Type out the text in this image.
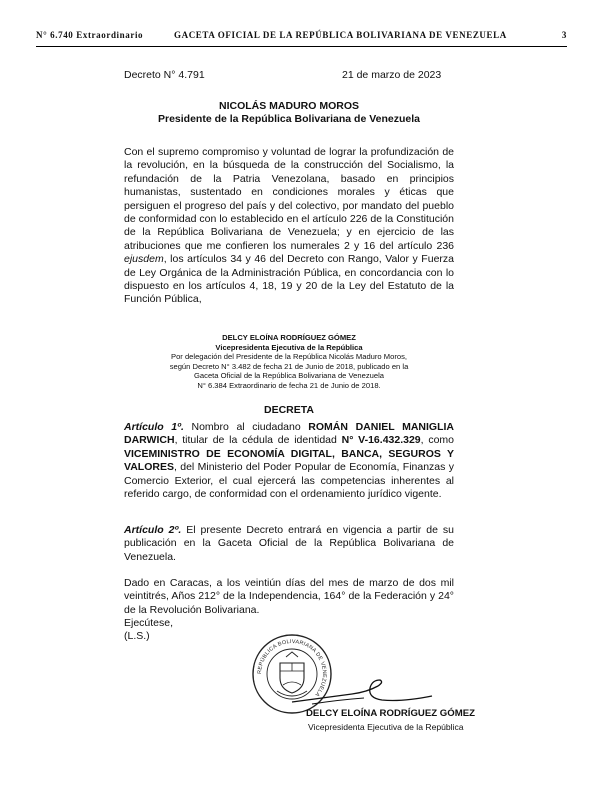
N° 6.740 Extraordinario	GACETA OFICIAL DE LA REPÚBLICA BOLIVARIANA DE VENEZUELA	3
Decreto N° 4.791	21 de marzo de 2023
NICOLÁS MADURO MOROS
Presidente de la República Bolivariana de Venezuela
Con el supremo compromiso y voluntad de lograr la profundización de la revolución, en la búsqueda de la construcción del Socialismo, la refundación de la Patria Venezolana, basado en principios humanistas, sustentado en condiciones morales y éticas que persiguen el progreso del país y del colectivo, por mandato del pueblo de conformidad con lo establecido en el artículo 226 de la Constitución de la República Bolivariana de Venezuela; y en ejercicio de las atribuciones que me confieren los numerales 2 y 16 del artículo 236 ejusdem, los artículos 34 y 46 del Decreto con Rango, Valor y Fuerza de Ley Orgánica de la Administración Pública, en concordancia con lo dispuesto en los artículos 4, 18, 19 y 20 de la Ley del Estatuto de la Función Pública,
DELCY ELOÍNA RODRÍGUEZ GÓMEZ
Vicepresidenta Ejecutiva de la República
Por delegación del Presidente de la República Nicolás Maduro Moros,
según Decreto N° 3.482 de fecha 21 de Junio de 2018, publicado en la
Gaceta Oficial de la República Bolivariana de Venezuela
N° 6.384 Extraordinario de fecha 21 de Junio de 2018.
DECRETA
Artículo 1º. Nombro al ciudadano ROMÁN DANIEL MANIGLIA DARWICH, titular de la cédula de identidad N° V-16.432.329, como VICEMINISTRO DE ECONOMÍA DIGITAL, BANCA, SEGUROS Y VALORES, del Ministerio del Poder Popular de Economía, Finanzas y Comercio Exterior, el cual ejercerá las competencias inherentes al referido cargo, de conformidad con el ordenamiento jurídico vigente.
Artículo 2º. El presente Decreto entrará en vigencia a partir de su publicación en la Gaceta Oficial de la República Bolivariana de Venezuela.
Dado en Caracas, a los veintiún días del mes de marzo de dos mil veintitrés, Años 212° de la Independencia, 164° de la Federación y 24° de la Revolución Bolivariana.
Ejecútese,
(L.S.)
REPÚBLICA BOLIVARIANA DE VENEZUELA
DELCY ELOÍNA RODRÍGUEZ GÓMEZ
Vicepresidenta Ejecutiva de la República
